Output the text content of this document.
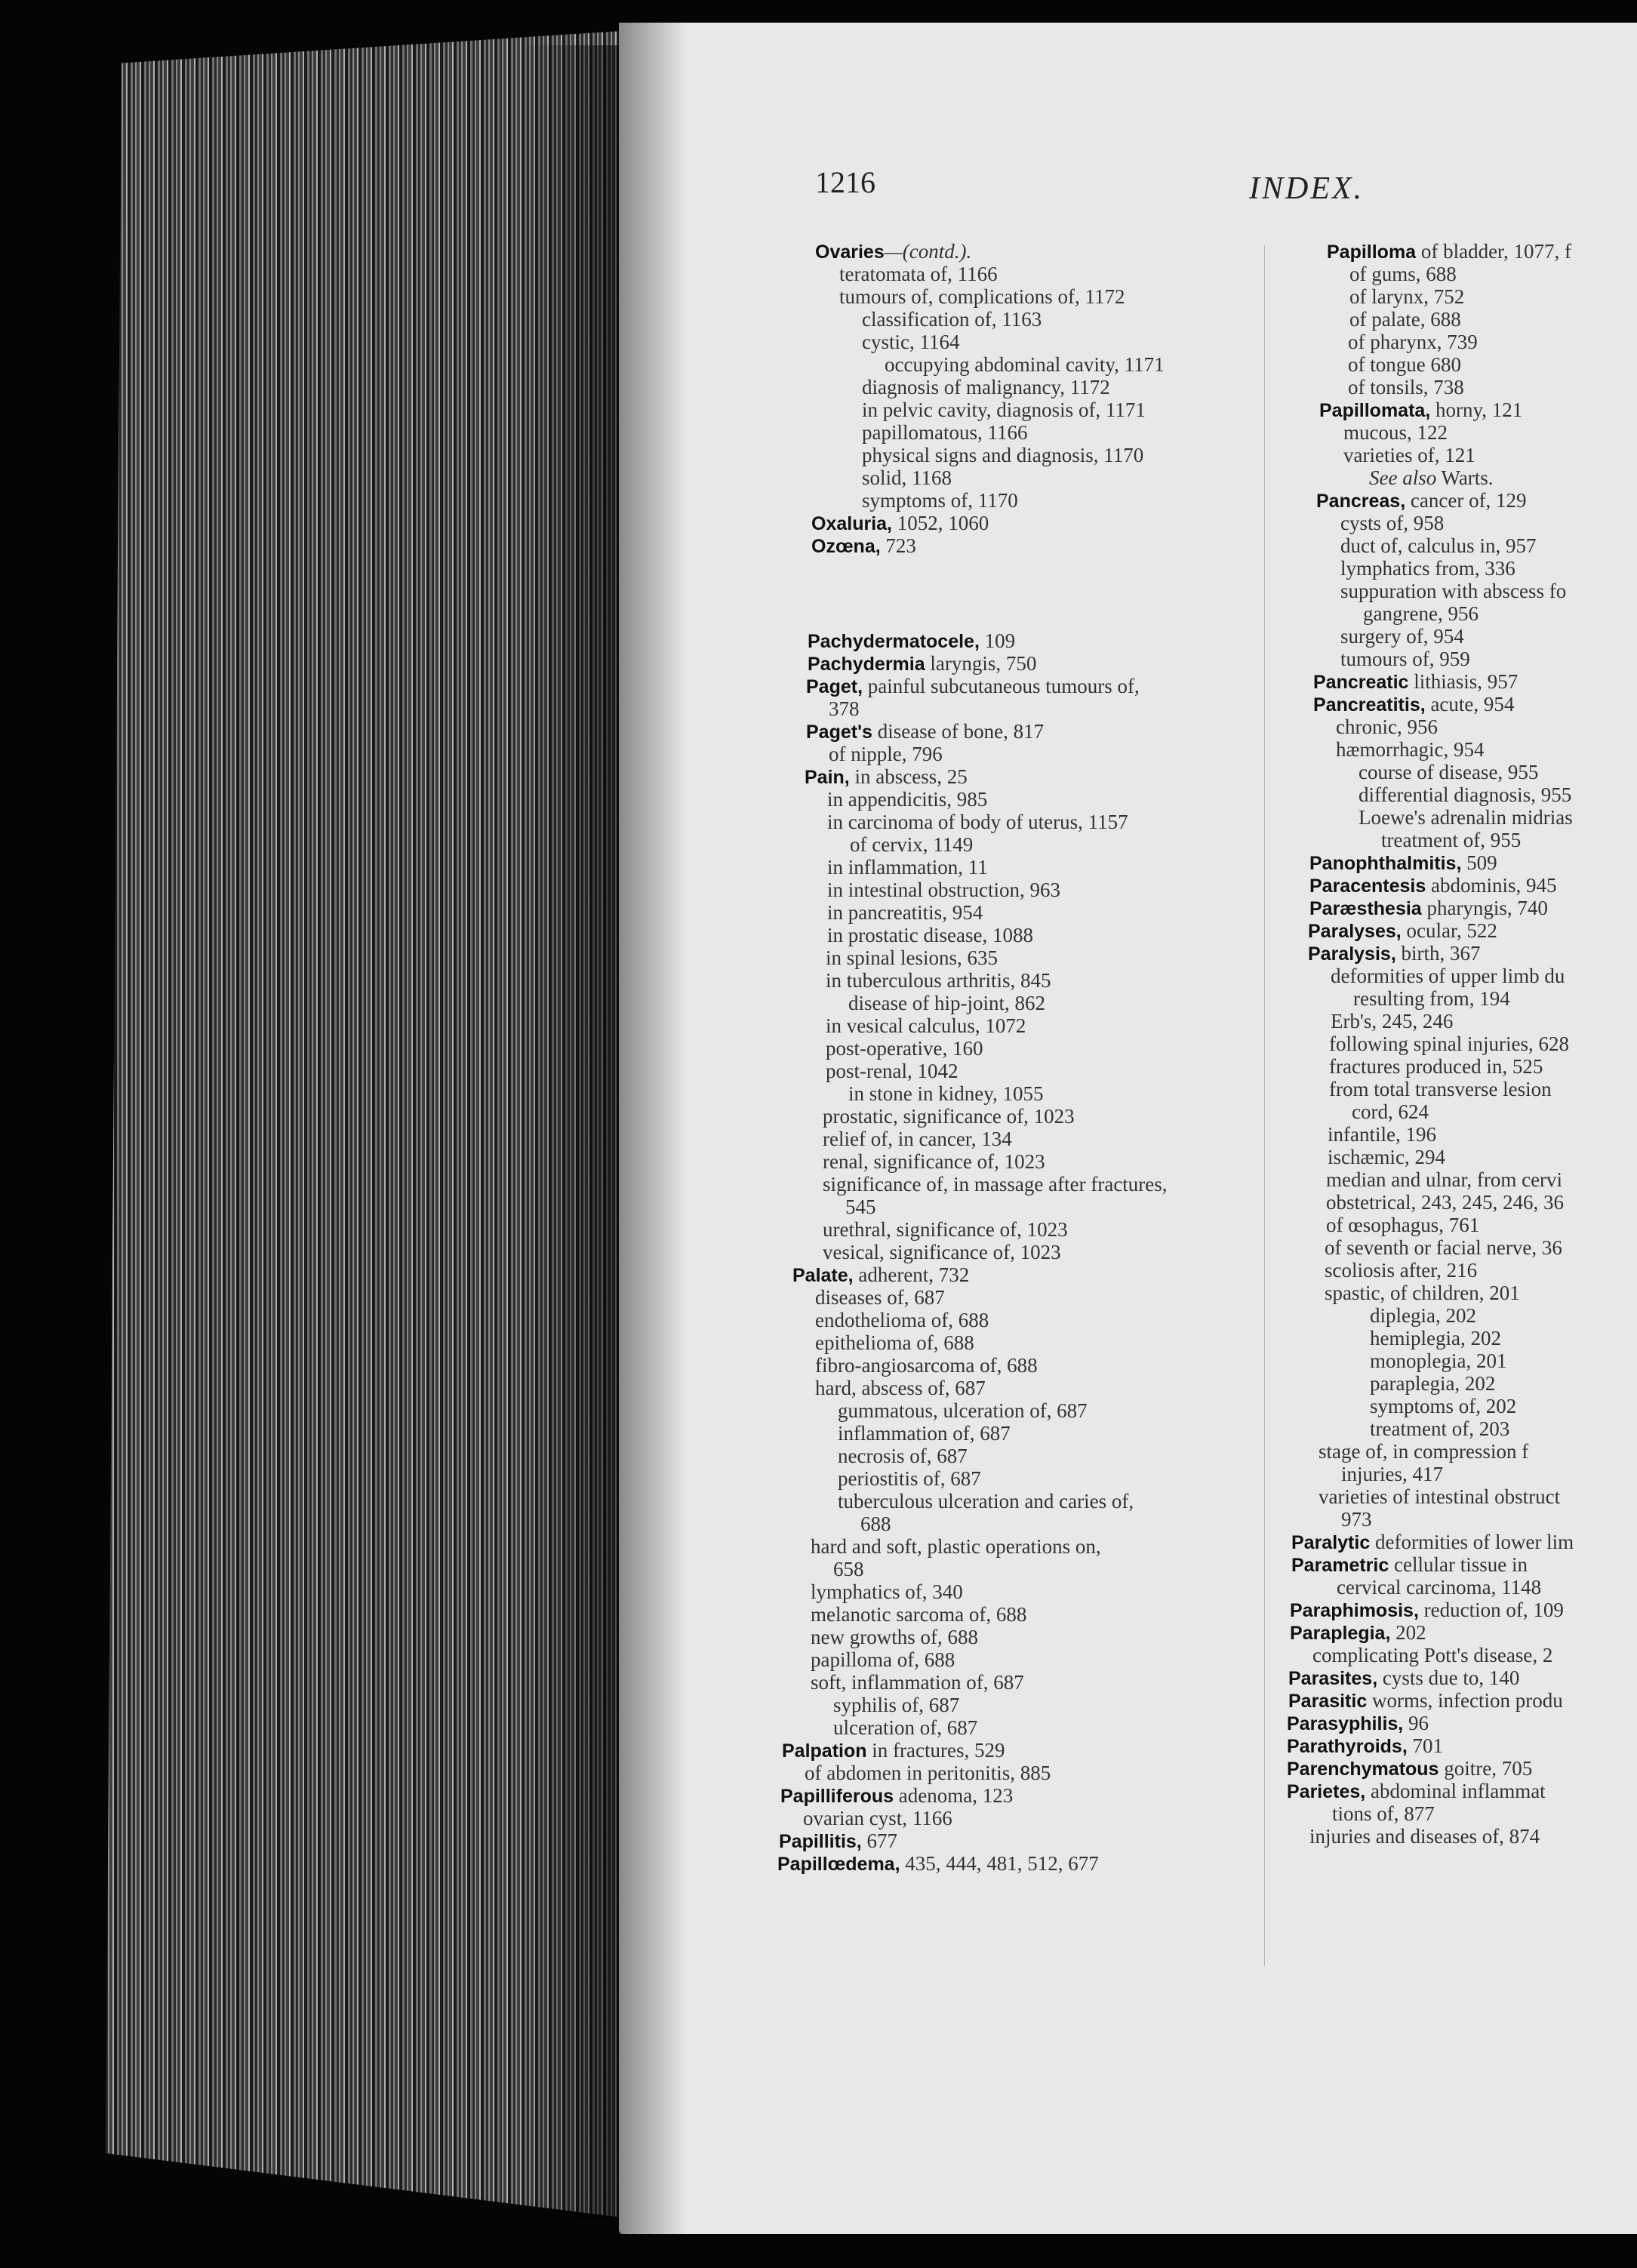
1216	INDEX.
Ovaries—(contd.).
teratomata of, 1166
tumours of, complications of, 1172
classification of, 1163
cystic, 1164
occupying abdominal cavity, 1171
diagnosis of malignancy, 1172
in pelvic cavity, diagnosis of, 1171
papillomatous, 1166
physical signs and diagnosis, 1170
solid, 1168
symptoms of, 1170
Oxaluria, 1052, 1060
Ozœna, 723
Pachydermatocele, 109
Pachydermia laryngis, 750
Paget, painful subcutaneous tumours of,
378
Paget's disease of bone, 817
of nipple, 796
Pain, in abscess, 25
in appendicitis, 985
in carcinoma of body of uterus, 1157
of cervix, 1149
in inflammation, 11
in intestinal obstruction, 963
in pancreatitis, 954
in prostatic disease, 1088
in spinal lesions, 635
in tuberculous arthritis, 845
disease of hip-joint, 862
in vesical calculus, 1072
post-operative, 160
post-renal, 1042
in stone in kidney, 1055
prostatic, significance of, 1023
relief of, in cancer, 134
renal, significance of, 1023
significance of, in massage after fractures,
545
urethral, significance of, 1023
vesical, significance of, 1023
Palate, adherent, 732
diseases of, 687
endothelioma of, 688
epithelioma of, 688
fibro-angiosarcoma of, 688
hard, abscess of, 687
gummatous, ulceration of, 687
inflammation of, 687
necrosis of, 687
periostitis of, 687
tuberculous ulceration and caries of,
688
hard and soft, plastic operations on,
658
lymphatics of, 340
melanotic sarcoma of, 688
new growths of, 688
papilloma of, 688
soft, inflammation of, 687
syphilis of, 687
ulceration of, 687
Palpation in fractures, 529
of abdomen in peritonitis, 885
Papilliferous adenoma, 123
ovarian cyst, 1166
Papillitis, 677
Papillœdema, 435, 444, 481, 512, 677
Papilloma of bladder, 1077, f
of gums, 688
of larynx, 752
of palate, 688
of pharynx, 739
of tongue 680
of tonsils, 738
Papillomata, horny, 121
mucous, 122
varieties of, 121
See also Warts.
Pancreas, cancer of, 129
cysts of, 958
duct of, calculus in, 957
lymphatics from, 336
suppuration with abscess fo
gangrene, 956
surgery of, 954
tumours of, 959
Pancreatic lithiasis, 957
Pancreatitis, acute, 954
chronic, 956
hæmorrhagic, 954
course of disease, 955
differential diagnosis, 955
Loewe's adrenalin midrias
treatment of, 955
Panophthalmitis, 509
Paracentesis abdominis, 945
Paræsthesia pharyngis, 740
Paralyses, ocular, 522
Paralysis, birth, 367
deformities of upper limb du
resulting from, 194
Erb's, 245, 246
following spinal injuries, 628
fractures produced in, 525
from total transverse lesion
cord, 624
infantile, 196
ischæmic, 294
median and ulnar, from cervi
obstetrical, 243, 245, 246, 36
of œsophagus, 761
of seventh or facial nerve, 36
scoliosis after, 216
spastic, of children, 201
diplegia, 202
hemiplegia, 202
monoplegia, 201
paraplegia, 202
symptoms of, 202
treatment of, 203
stage of, in compression f
injuries, 417
varieties of intestinal obstruct
973
Paralytic deformities of lower lim
Parametric cellular tissue in
cervical carcinoma, 1148
Paraphimosis, reduction of, 109
Paraplegia, 202
complicating Pott's disease, 2
Parasites, cysts due to, 140
Parasitic worms, infection produ
Parasyphilis, 96
Parathyroids, 701
Parenchymatous goitre, 705
Parietes, abdominal inflammat
tions of, 877
injuries and diseases of, 874
